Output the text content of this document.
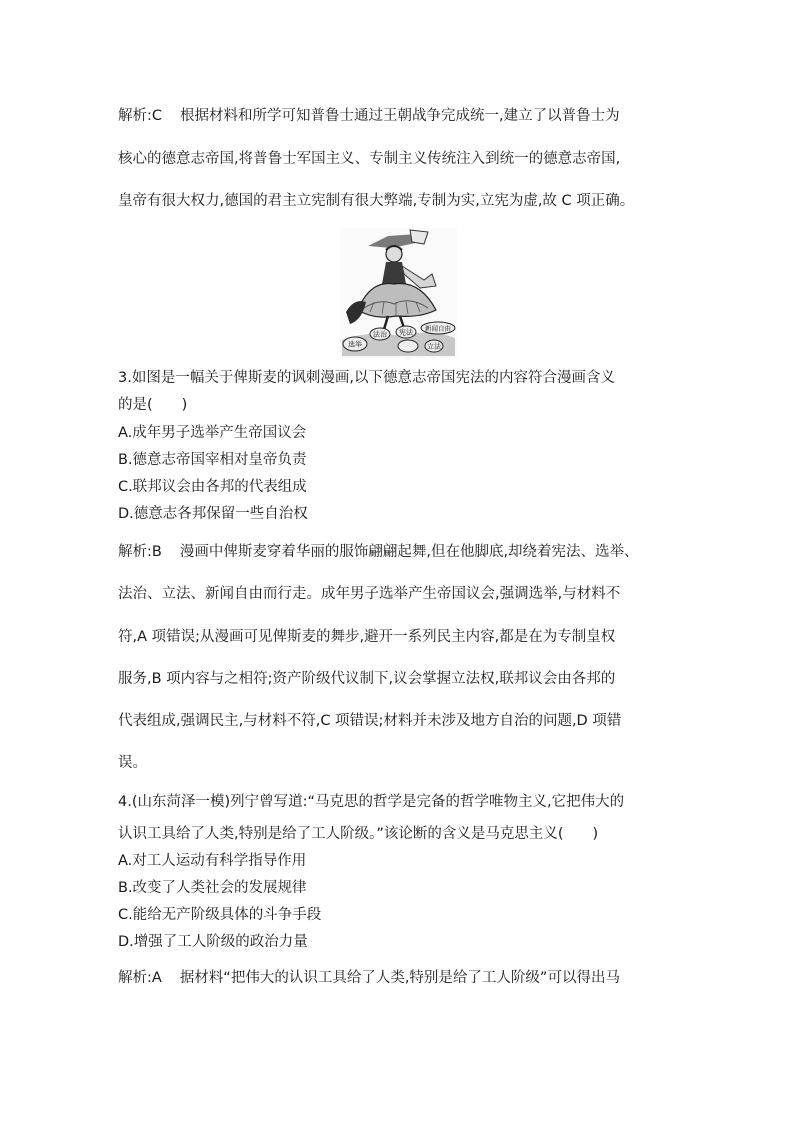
解析:C 根据材料和所学可知普鲁士通过王朝战争完成统一,建立了以普鲁士为
核心的德意志帝国,将普鲁士军国主义、专制主义传统注入到统一的德意志帝国,
皇帝有很大权力,德国的君主立宪制有很大弊端,专制为实,立宪为虚,故 C 项正确。
选举
法治 宪法
立法
新闻自由
3.如图是一幅关于俾斯麦的讽刺漫画,以下德意志帝国宪法的内容符合漫画含义
的是(　　)
A.成年男子选举产生帝国议会
B.德意志帝国宰相对皇帝负责
C.联邦议会由各邦的代表组成
D.德意志各邦保留一些自治权
解析:B 漫画中俾斯麦穿着华丽的服饰翩翩起舞,但在他脚底,却绕着宪法、选举、
法治、立法、新闻自由而行走。成年男子选举产生帝国议会,强调选举,与材料不
符,A 项错误;从漫画可见俾斯麦的舞步,避开一系列民主内容,都是在为专制皇权
服务,B 项内容与之相符;资产阶级代议制下,议会掌握立法权,联邦议会由各邦的
代表组成,强调民主,与材料不符,C 项错误;材料并未涉及地方自治的问题,D 项错
误。
4.(山东菏泽一模)列宁曾写道:“马克思的哲学是完备的哲学唯物主义,它把伟大的
认识工具给了人类,特别是给了工人阶级。”该论断的含义是马克思主义(　　)
A.对工人运动有科学指导作用
B.改变了人类社会的发展规律
C.能给无产阶级具体的斗争手段
D.增强了工人阶级的政治力量
解析:A 据材料“把伟大的认识工具给了人类,特别是给了工人阶级”可以得出马
